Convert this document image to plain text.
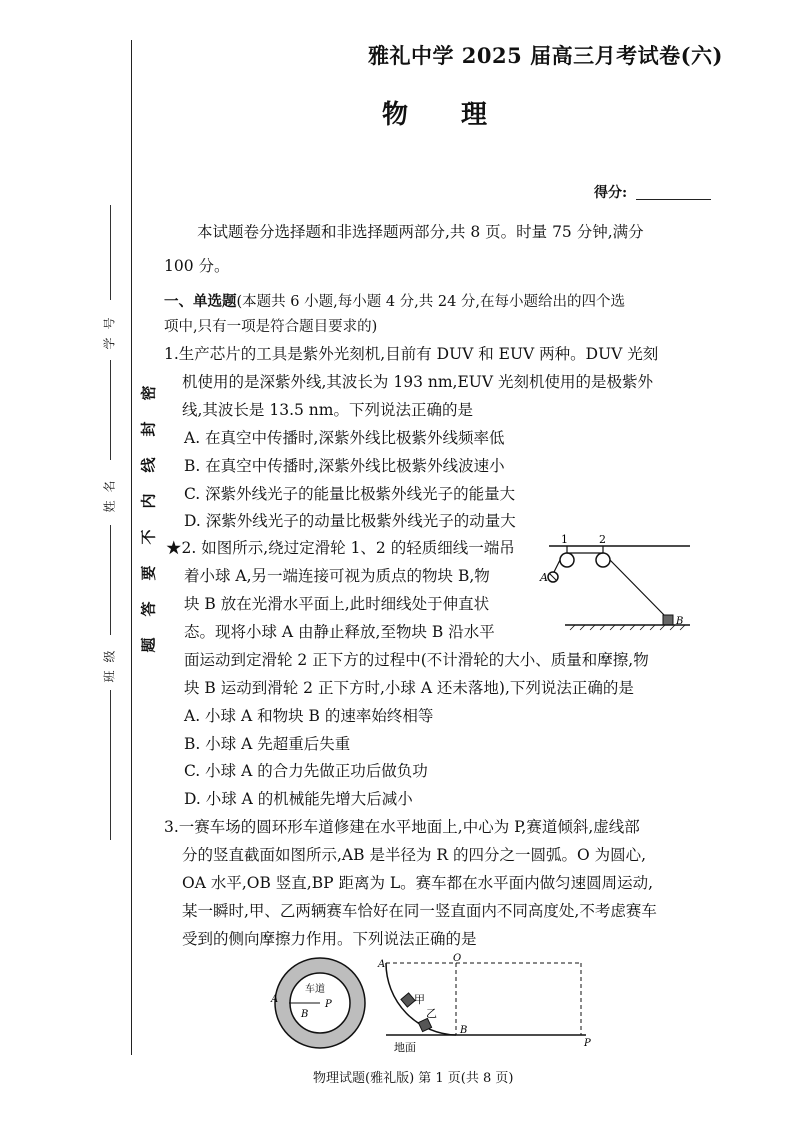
密
封
线
内
不
要
答
题
号
学
名
姓
级
班
雅礼中学 2025 届高三月考试卷(六)
物 理
得分:
本试题卷分选择题和非选择题两部分,共 8 页。时量 75 分钟,满分
100 分。
一、单选题(本题共 6 小题,每小题 4 分,共 24 分,在每小题给出的四个选
项中,只有一项是符合题目要求的)
1.生产芯片的工具是紫外光刻机,目前有 DUV 和 EUV 两种。DUV 光刻
机使用的是深紫外线,其波长为 193 nm,EUV 光刻机使用的是极紫外
线,其波长是 13.5 nm。下列说法正确的是
A. 在真空中传播时,深紫外线比极紫外线频率低
B. 在真空中传播时,深紫外线比极紫外线波速小
C. 深紫外线光子的能量比极紫外线光子的能量大
D. 深紫外线光子的动量比极紫外线光子的动量大
★2. 如图所示,绕过定滑轮 1、2 的轻质细线一端吊
着小球 A,另一端连接可视为质点的物块 B,物
块 B 放在光滑水平面上,此时细线处于伸直状
态。现将小球 A 由静止释放,至物块 B 沿水平
面运动到定滑轮 2 正下方的过程中(不计滑轮的大小、质量和摩擦,物
块 B 运动到滑轮 2 正下方时,小球 A 还未落地),下列说法正确的是
A. 小球 A 和物块 B 的速率始终相等
B. 小球 A 先超重后失重
C. 小球 A 的合力先做正功后做负功
D. 小球 A 的机械能先增大后减小
1	2
A
B
3.一赛车场的圆环形车道修建在水平地面上,中心为 P,赛道倾斜,虚线部
分的竖直截面如图所示,AB 是半径为 R 的四分之一圆弧。O 为圆心,
OA 水平,OB 竖直,BP 距离为 L。赛车都在水平面内做匀速圆周运动,
某一瞬时,甲、乙两辆赛车恰好在同一竖直面内不同高度处,不考虑赛车
受到的侧向摩擦力作用。下列说法正确的是
车道
A
B
P
A
O
B
P
甲
乙
地面
物理试题(雅礼版) 第 1 页(共 8 页)
